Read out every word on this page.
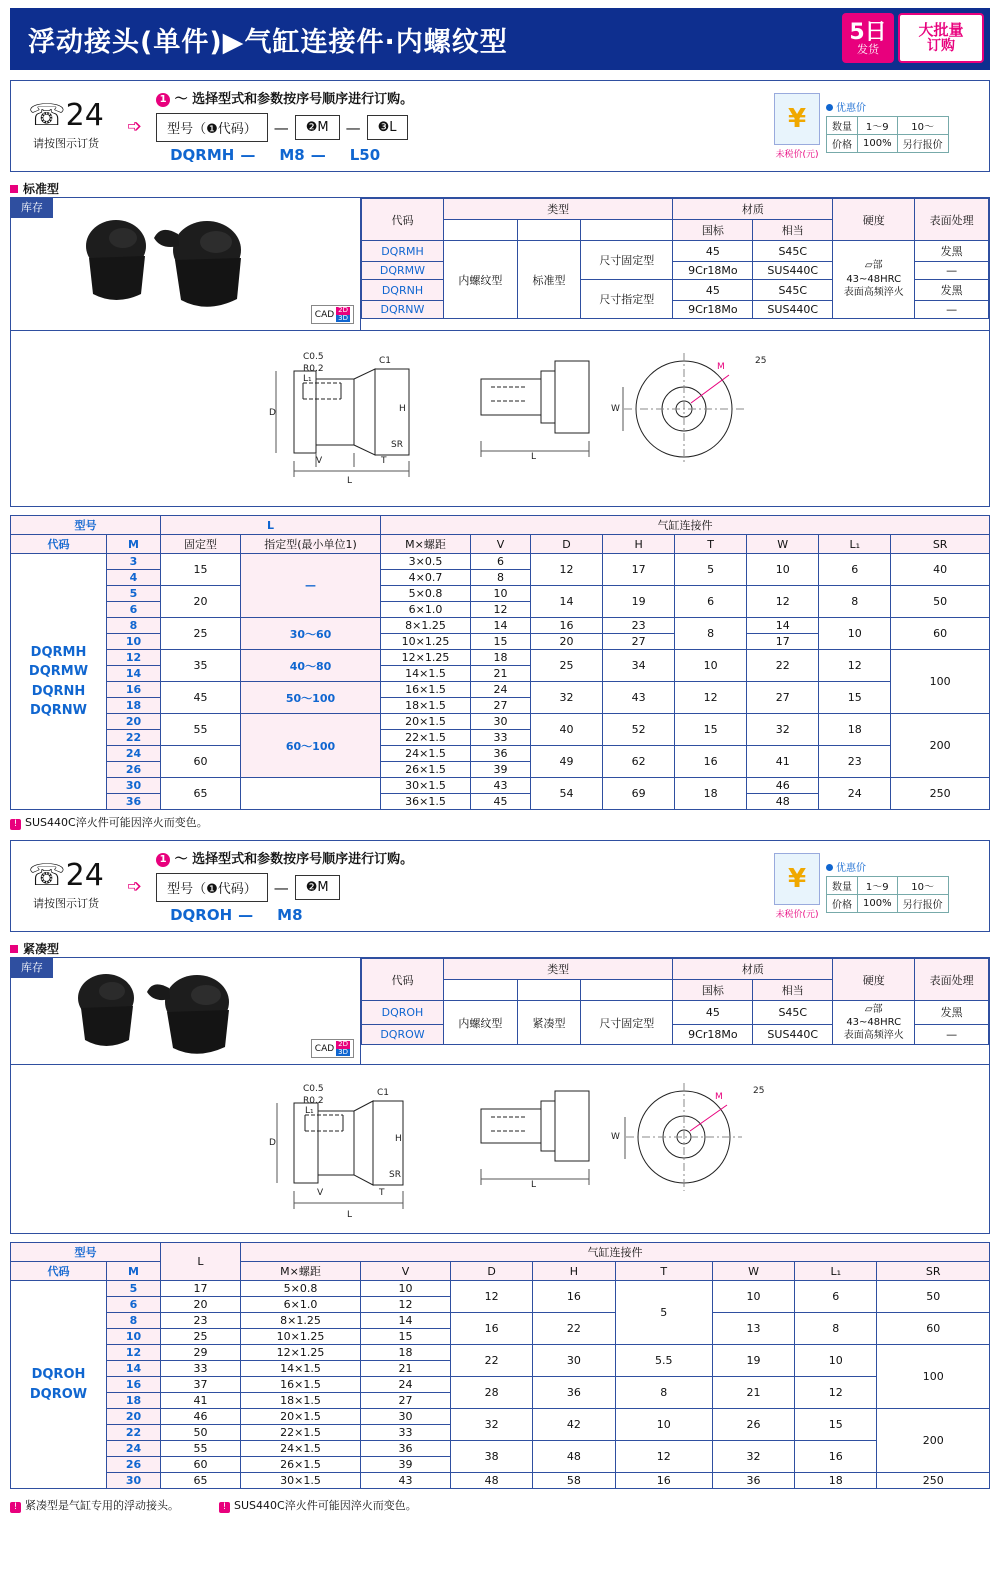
浮动接头(单件)▶气缸连接件·内螺纹型	5日
发货
大批量
订购
☏24
请按图示订货
➩
1 ～ 选择型式和参数按序号顺序进行订购。
型号（❶代码）	—	❷M	—	❸L
DQRMH —	M8 —	L50
¥
未税价(元)
优惠价
数量	1～9	10～
价格	100%	另行报价
标准型
库存
CAD 2D
3D
代码	类型			材质		硬度	表面处理
				国标	相当		
DQRMH	内螺纹型	标准型	尺寸固定型	45	S45C	▱部
43~48HRC
表面高频淬火	发黑
DQRMW				9Cr18Mo	SUS440C		—
DQRNH			尺寸指定型	45	S45C		发黑
DQRNW				9Cr18Mo	SUS440C		—
C0.5
R0.2
C1
L₁
D	H
SR
V	T
L
L
W
M
25
型号		L		气缸连接件							
代码	M	固定型	指定型(最小单位1)	M×螺距	V	D	H	T	W	L₁	SR
DQRMH
DQRMW
DQRNH
DQRNW	3	15	—	3×0.5	6	12	17	5	10	6	40
	4			4×0.7	8						
	5	20		5×0.8	10	14	19	6	12	8	50
	6			6×1.0	12						
	8	25	30～60	8×1.25	14	16	23	8	14	10	60
	10			10×1.25	15	20	27		17		
	12	35	40～80	12×1.25	18	25	34	10	22	12	100
	14			14×1.5	21						
	16	45	50～100	16×1.5	24	32	43	12	27	15	
	18			18×1.5	27						
	20	55	60～100	20×1.5	30	40	52	15	32	18	200
	22			22×1.5	33						
	24	60		24×1.5	36	49	62	16	41	23	
	26			26×1.5	39						
	30	65		30×1.5	43	54	69	18	46	24	250
	36			36×1.5	45				48		
! SUS440C淬火件可能因淬火而变色。
☏24
请按图示订货
➩
1 ～ 选择型式和参数按序号顺序进行订购。
型号（❶代码）	—	❷M
DQROH —	M8
¥
未税价(元)
优惠价
数量	1～9	10～
价格	100%	另行报价
紧凑型
库存
CAD 2D
3D
代码	类型			材质		硬度	表面处理
				国标	相当		
DQROH	内螺纹型	紧凑型	尺寸固定型	45	S45C	▱部
43~48HRC
表面高频淬火	发黑
DQROW				9Cr18Mo	SUS440C		—
C0.5
R0.2
C1
L₁
D	H
SR
V	T
L
L
W
M
25
型号		L	气缸连接件							
代码	M		M×螺距	V	D	H	T	W	L₁	SR
DQROH
DQROW	5	17	5×0.8	10	12	16	5	10	6	50
	6	20	6×1.0	12						
	8	23	8×1.25	14	16	22		13	8	60
	10	25	10×1.25	15						
	12	29	12×1.25	18	22	30	5.5	19	10	100
	14	33	14×1.5	21						
	16	37	16×1.5	24	28	36	8	21	12	
	18	41	18×1.5	27						
	20	46	20×1.5	30	32	42	10	26	15	200
	22	50	22×1.5	33						
	24	55	24×1.5	36	38	48	12	32	16	
	26	60	26×1.5	39						
	30	65	30×1.5	43	48	58	16	36	18	250
! 紧凑型是气缸专用的浮动接头。	! SUS440C淬火件可能因淬火而变色。
